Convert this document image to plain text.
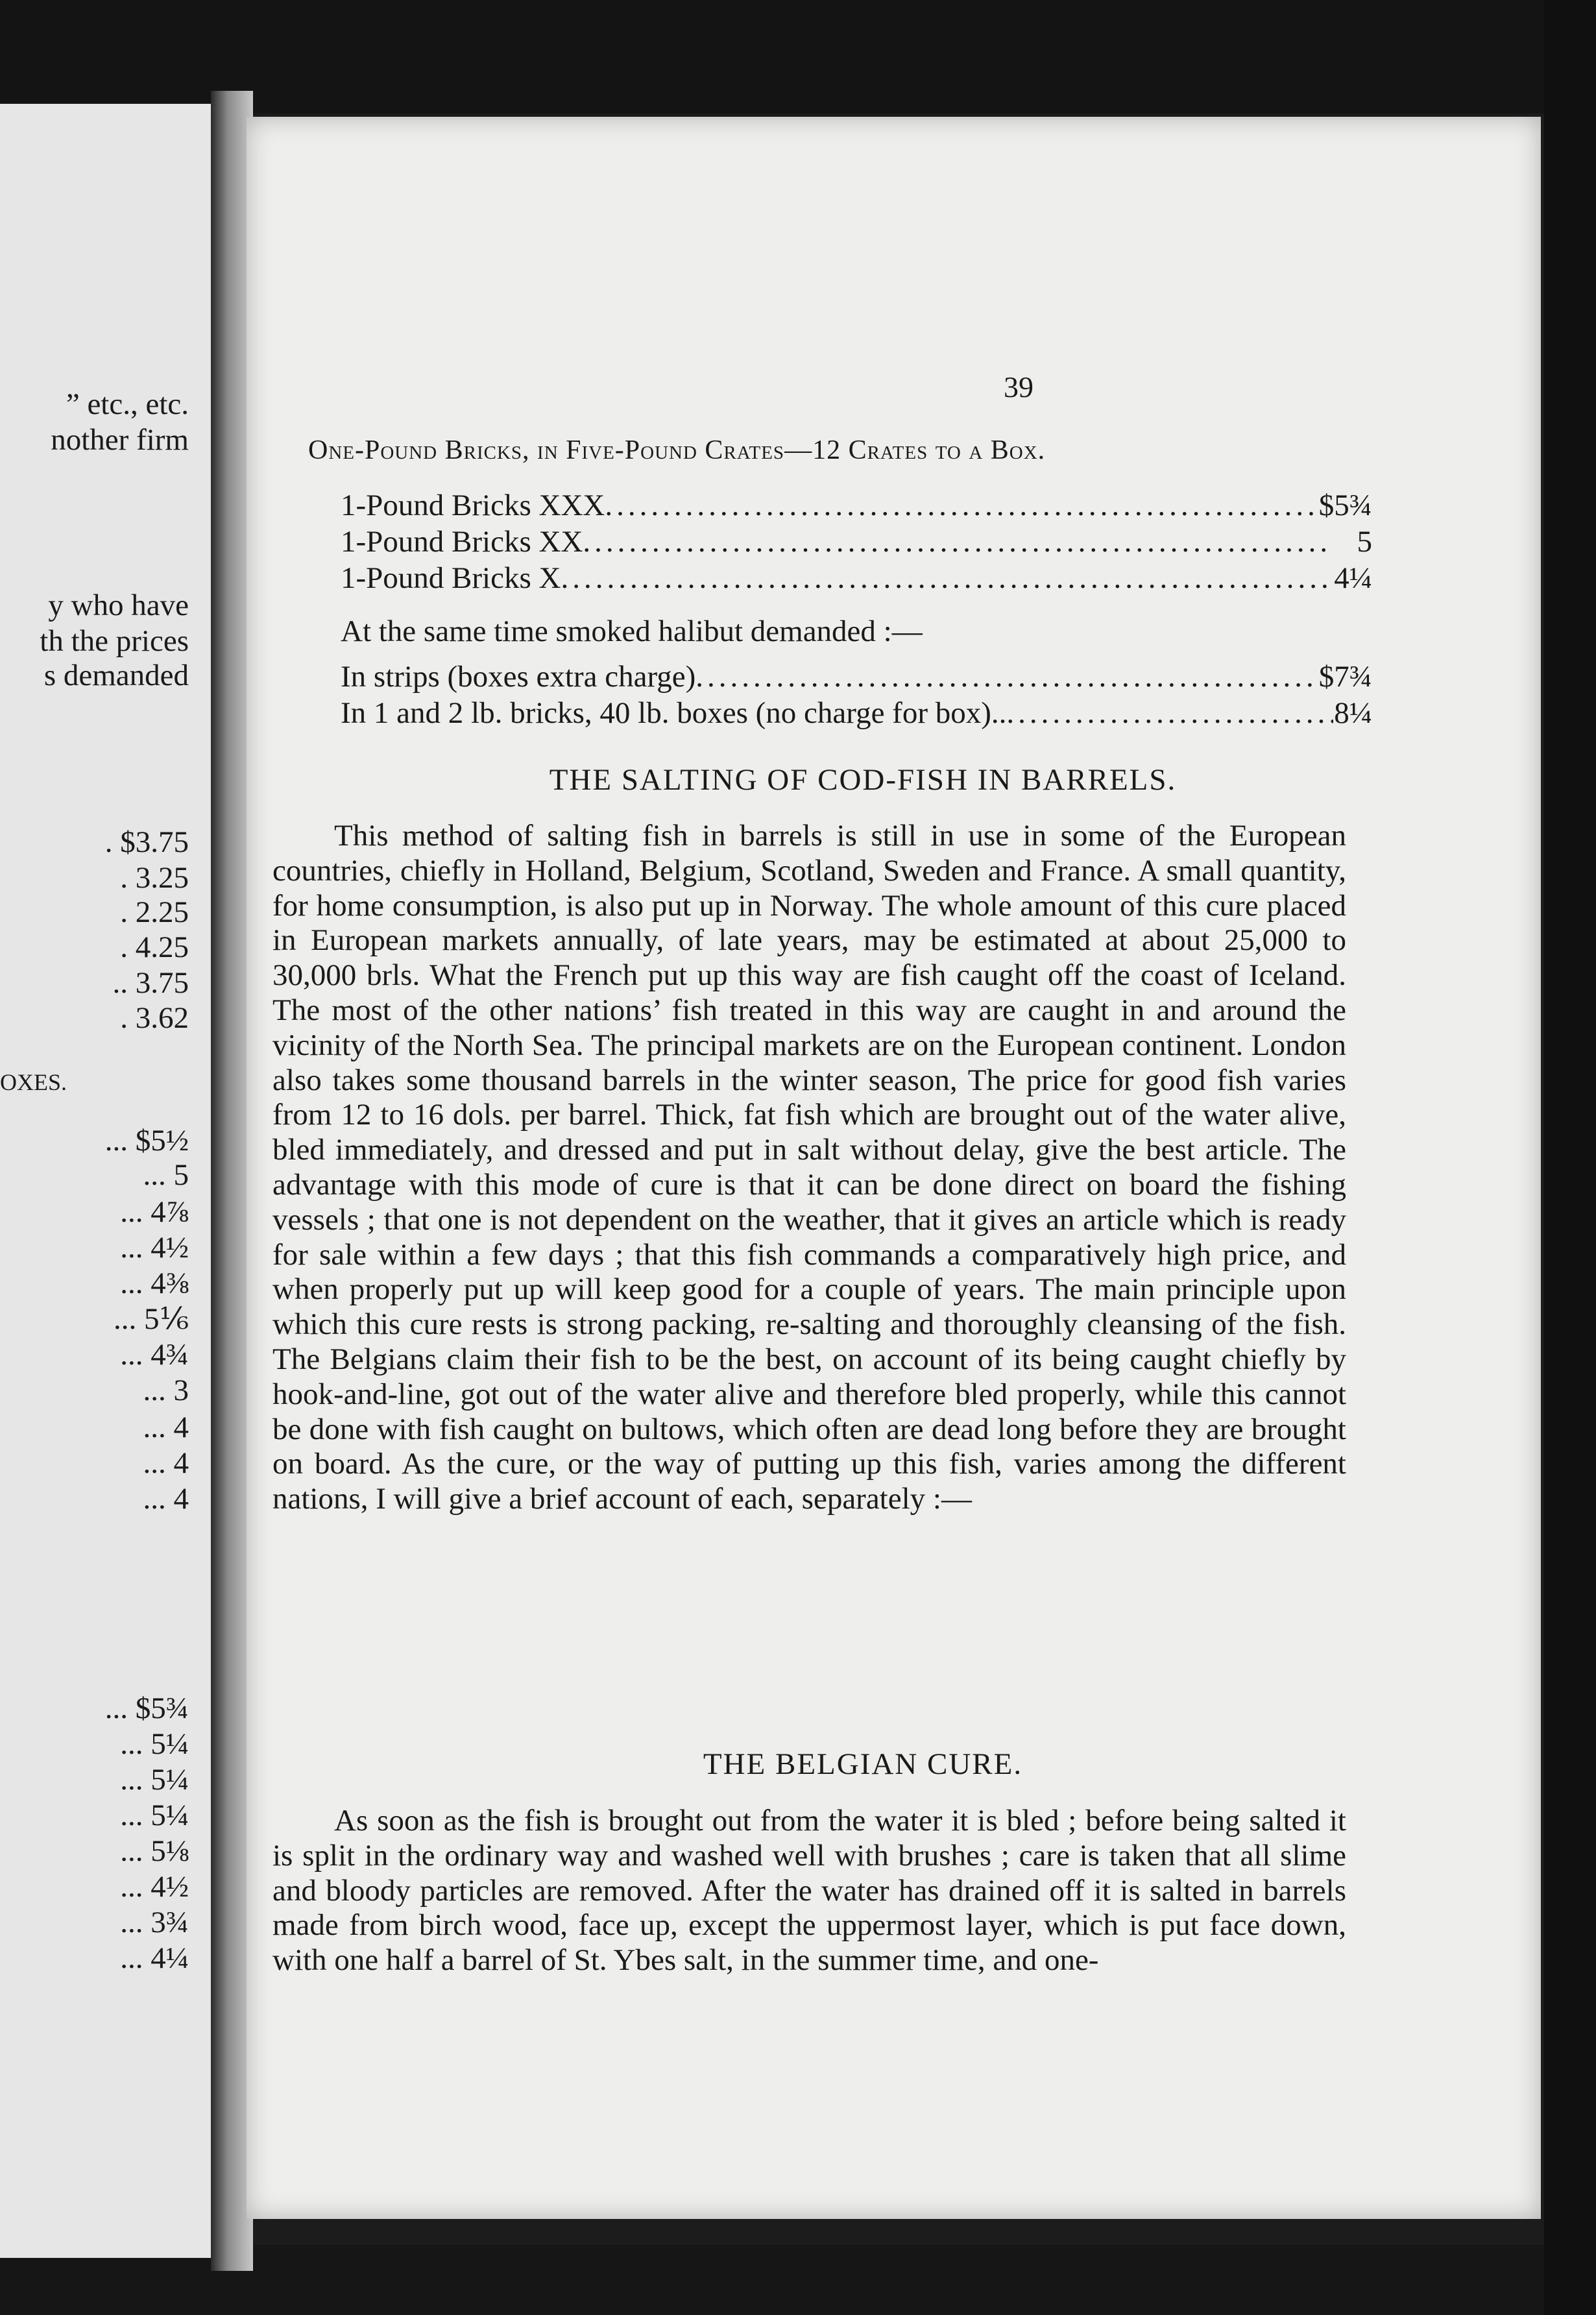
” etc., etc.
nother firm
y who have
th the prices
s demanded
. $3.75
. 3.25
. 2.25
. 4.25
.. 3.75
. 3.62
OXES.
... $5½
... 5
... 4⅞
... 4½
... 4⅜
... 5⅙
... 4¾
... 3
... 4
... 4
... 4
... $5¾
... 5¼
... 5¼
... 5¼
... 5⅛
... 4½
... 3¾
... 4¼
39
One-Pound Bricks, in Five-Pound Crates—12 Crates to a Box.
1-Pound Bricks XXX .....	$5¾
1-Pound Bricks XX .....	5
1-Pound Bricks X .....	4¼
At the same time smoked halibut demanded :—
In strips (boxes extra charge) .....	$7¾
In 1 and 2 lb. bricks, 40 lb. boxes (no charge for box).. .....	8¼
THE SALTING OF COD-FISH IN BARRELS.

This method of salting fish in barrels is still in use in some of the European countries, chiefly in Holland, Belgium, Scotland, Sweden and France. A small quantity, for home consumption, is also put up in Norway. The whole amount of this cure placed in European markets annually, of late years, may be estimated at about 25,000 to 30,000 brls. What the French put up this way are fish caught off the coast of Iceland. The most of the other nations’ fish treated in this way are caught in and around the vicinity of the North Sea. The principal markets are on the European continent. London also takes some thousand barrels in the winter season, The price for good fish varies from 12 to 16 dols. per barrel. Thick, fat fish which are brought out of the water alive, bled immediately, and dressed and put in salt without delay, give the best article. The advantage with this mode of cure is that it can be done direct on board the fishing vessels ; that one is not dependent on the weather, that it gives an article which is ready for sale within a few days ; that this fish commands a comparatively high price, and when properly put up will keep good for a couple of years. The main principle upon which this cure rests is strong packing, re-salting and thoroughly cleansing of the fish. The Belgians claim their fish to be the best, on account of its being caught chiefly by hook-and-line, got out of the water alive and therefore bled properly, while this cannot be done with fish caught on bultows, which often are dead long before they are brought on board. As the cure, or the way of putting up this fish, varies among the different nations, I will give a brief account of each, separately :—

THE BELGIAN CURE.

As soon as the fish is brought out from the water it is bled ; before being salted it is split in the ordinary way and washed well with brushes ; care is taken that all slime and bloody particles are removed. After the water has drained off it is salted in barrels made from birch wood, face up, except the uppermost layer, which is put face down, with one half a barrel of St. Ybes salt, in the summer time, and one-
